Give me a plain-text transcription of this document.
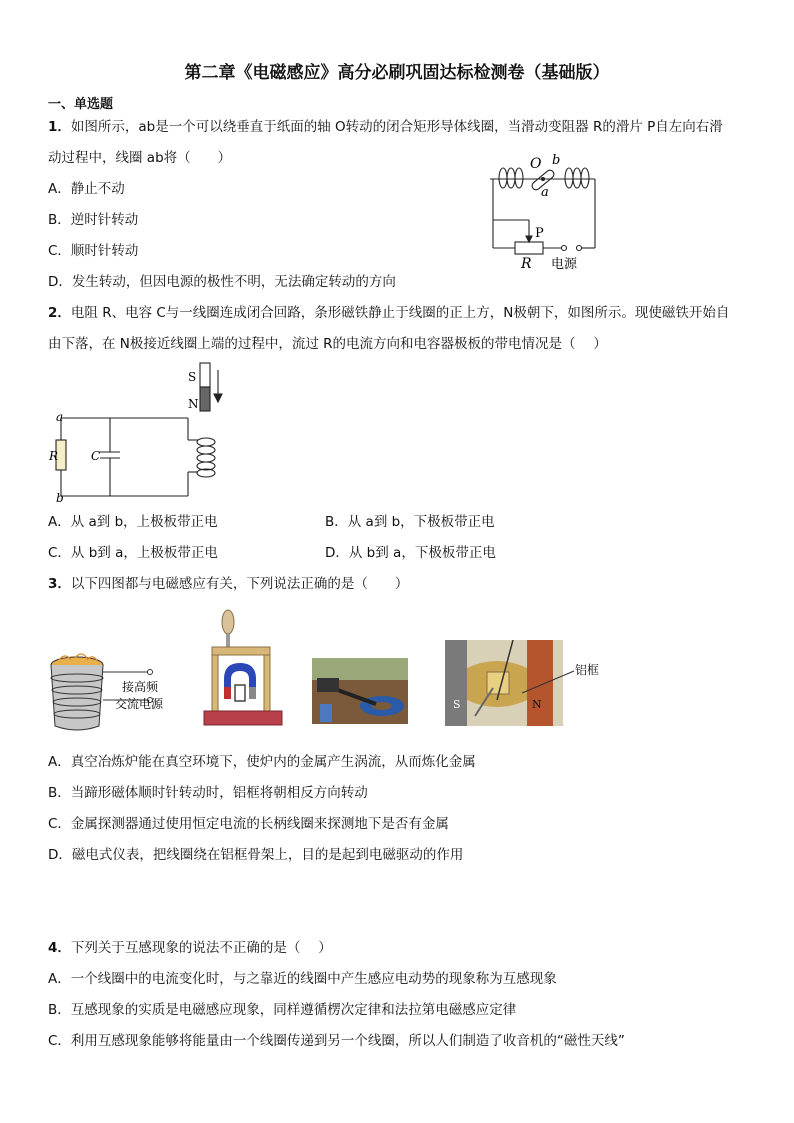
第二章《电磁感应》高分必刷巩固达标检测卷（基础版）
一、单选题
1．如图所示，ab是一个可以绕垂直于纸面的轴 O转动的闭合矩形导体线圈，当滑动变阻器 R的滑片 P自左向右滑
动过程中，线圈 ab将（　　）
A．静止不动
B．逆时针转动
C．顺时针转动
D．发生转动，但因电源的极性不明，无法确定转动的方向
O b
a
P
R 电源
2．电阻 R、电容 C与一线圈连成闭合回路，条形磁铁静止于线圈的正上方，N极朝下，如图所示。现使磁铁开始自
由下落，在 N极接近线圈上端的过程中，流过 R的电流方向和电容器极板的带电情况是（　 ）
S
N
a
b
R	C
A．从 a到 b，上极板带正电	B．从 a到 b，下极板带正电
C．从 b到 a，上极板带正电	D．从 b到 a，下极板带正电
3．以下四图都与电磁感应有关，下列说法正确的是（　　）
接高频
交流电源	S	N
铝框
A．真空冶炼炉能在真空环境下，使炉内的金属产生涡流，从而炼化金属
B．当蹄形磁体顺时针转动时，铝框将朝相反方向转动
C．金属探测器通过使用恒定电流的长柄线圈来探测地下是否有金属
D．磁电式仪表，把线圈绕在铝框骨架上，目的是起到电磁驱动的作用
4．下列关于互感现象的说法不正确的是（　 ）
A．一个线圈中的电流变化时，与之靠近的线圈中产生感应电动势的现象称为互感现象
B．互感现象的实质是电磁感应现象，同样遵循楞次定律和法拉第电磁感应定律
C．利用互感现象能够将能量由一个线圈传递到另一个线圈，所以人们制造了收音机的“磁性天线”
